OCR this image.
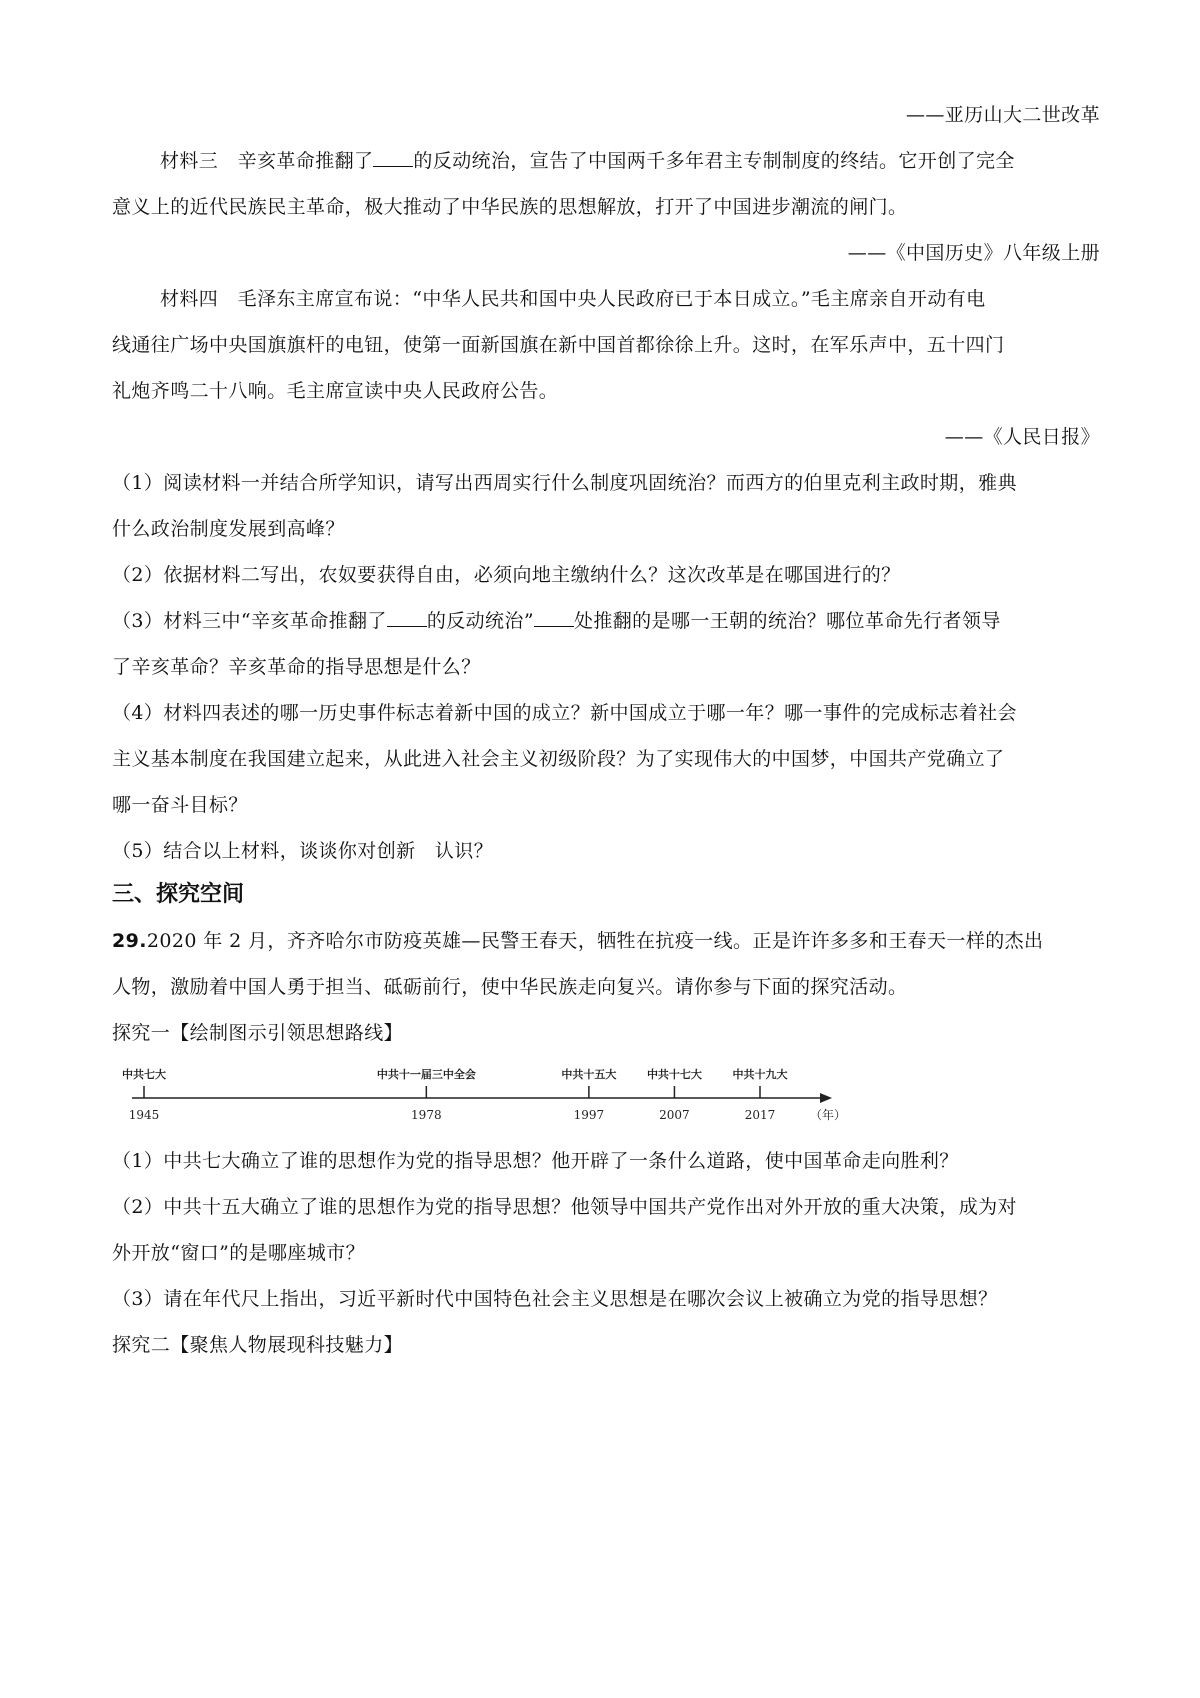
——亚历山大二世改革
材料三　辛亥革命推翻了 的反动统治，宣告了中国两千多年君主专制制度的终结。它开创了完全
意义上的近代民族民主革命，极大推动了中华民族的思想解放，打开了中国进步潮流的闸门。
——《中国历史》八年级上册
材料四　毛泽东主席宣布说：“中华人民共和国中央人民政府已于本日成立。”毛主席亲自开动有电
线通往广场中央国旗旗杆的电钮，使第一面新国旗在新中国首都徐徐上升。这时，在军乐声中，五十四门
礼炮齐鸣二十八响。毛主席宣读中央人民政府公告。
——《人民日报》
（1）阅读材料一并结合所学知识，请写出西周实行什么制度巩固统治？而西方的伯里克利主政时期，雅典
什么政治制度发展到高峰？
（2）依据材料二写出，农奴要获得自由，必须向地主缴纳什么？这次改革是在哪国进行的？
（3）材料三中“辛亥革命推翻了 的反动统治” 处推翻的是哪一王朝的统治？哪位革命先行者领导
了辛亥革命？辛亥革命的指导思想是什么？
（4）材料四表述的哪一历史事件标志着新中国的成立？新中国成立于哪一年？哪一事件的完成标志着社会
主义基本制度在我国建立起来，从此进入社会主义初级阶段？为了实现伟大的中国梦，中国共产党确立了
哪一奋斗目标？
（5）结合以上材料，谈谈你对创新　认识？
三、探究空间
29.2020 年 2 月，齐齐哈尔市防疫英雄—民警王春天，牺牲在抗疫一线。正是许许多多和王春天一样的杰出
人物，激励着中国人勇于担当、砥砺前行，使中华民族走向复兴。请你参与下面的探究活动。
探究一【绘制图示引领思想路线】
中共七大
1945
中共十一届三中全会
1978
中共十五大
1997
中共十七大
2007
中共十九大
2017	（年）
（1）中共七大确立了谁的思想作为党的指导思想？他开辟了一条什么道路，使中国革命走向胜利？
（2）中共十五大确立了谁的思想作为党的指导思想？他领导中国共产党作出对外开放的重大决策，成为对
外开放“窗口”的是哪座城市？
（3）请在年代尺上指出，习近平新时代中国特色社会主义思想是在哪次会议上被确立为党的指导思想？
探究二【聚焦人物展现科技魅力】
